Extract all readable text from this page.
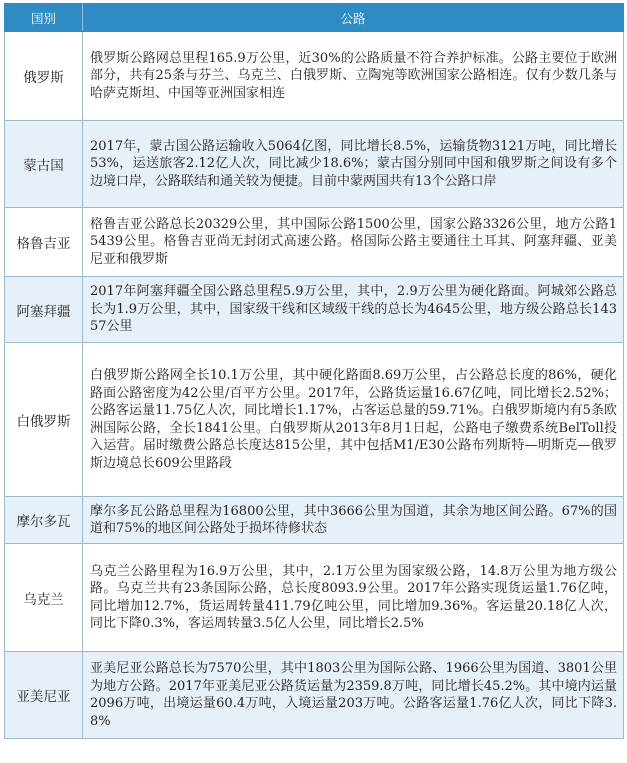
国别	公路
俄罗斯	俄罗斯公路网总里程165.9万公里，近30%的公路质量不符合养护标准。公路主要位于欧洲部分，共有25条与芬兰、乌克兰、白俄罗斯、立陶宛等欧洲国家公路相连。仅有少数几条与哈萨克斯坦、中国等亚洲国家相连
蒙古国	2017年，蒙古国公路运输收入5064亿图，同比增长8.5%，运输货物3121万吨，同比增长53%，运送旅客2.12亿人次，同比减少18.6%；蒙古国分别同中国和俄罗斯之间设有多个边境口岸，公路联结和通关较为便捷。目前中蒙两国共有13个公路口岸
格鲁吉亚	格鲁吉亚公路总长20329公里，其中国际公路1500公里，国家公路3326公里，地方公路15439公里。格鲁吉亚尚无封闭式高速公路。格国际公路主要通往土耳其、阿塞拜疆、亚美尼亚和俄罗斯
阿塞拜疆	2017年阿塞拜疆全国公路总里程5.9万公里，其中，2.9万公里为硬化路面。阿城郊公路总长为1.9万公里，其中，国家级干线和区域级干线的总长为4645公里，地方级公路总长14357公里
白俄罗斯	白俄罗斯公路网全长10.1万公里，其中硬化路面8.69万公里，占公路总长度的86%，硬化路面公路密度为42公里/百平方公里。2017年，公路货运量16.67亿吨，同比增长2.52%；公路客运量11.75亿人次，同比增长1.17%，占客运总量的59.71%。白俄罗斯境内有5条欧洲国际公路，全长1841公里。白俄罗斯从2013年8月1日起，公路电子缴费系统BelToll投入运营。届时缴费公路总长度达815公里，其中包括M1/E30公路布列斯特—明斯克—俄罗斯边境总长609公里路段
摩尔多瓦	摩尔多瓦公路总里程为16800公里，其中3666公里为国道，其余为地区间公路。67%的国道和75%的地区间公路处于损坏待修状态
乌克兰	乌克兰公路里程为16.9万公里，其中，2.1万公里为国家级公路，14.8万公里为地方级公路。乌克兰共有23条国际公路，总长度8093.9公里。2017年公路实现货运量1.76亿吨，同比增加12.7%，货运周转量411.79亿吨公里，同比增加9.36%。客运量20.18亿人次，同比下降0.3%，客运周转量3.5亿人公里，同比增长2.5%
亚美尼亚	亚美尼亚公路总长为7570公里，其中1803公里为国际公路、1966公里为国道、3801公里为地方公路。2017年亚美尼亚公路货运量为2359.8万吨，同比增长45.2%。其中境内运量2096万吨，出境运量60.4万吨，入境运量203万吨。公路客运量1.76亿人次，同比下降3.8%
